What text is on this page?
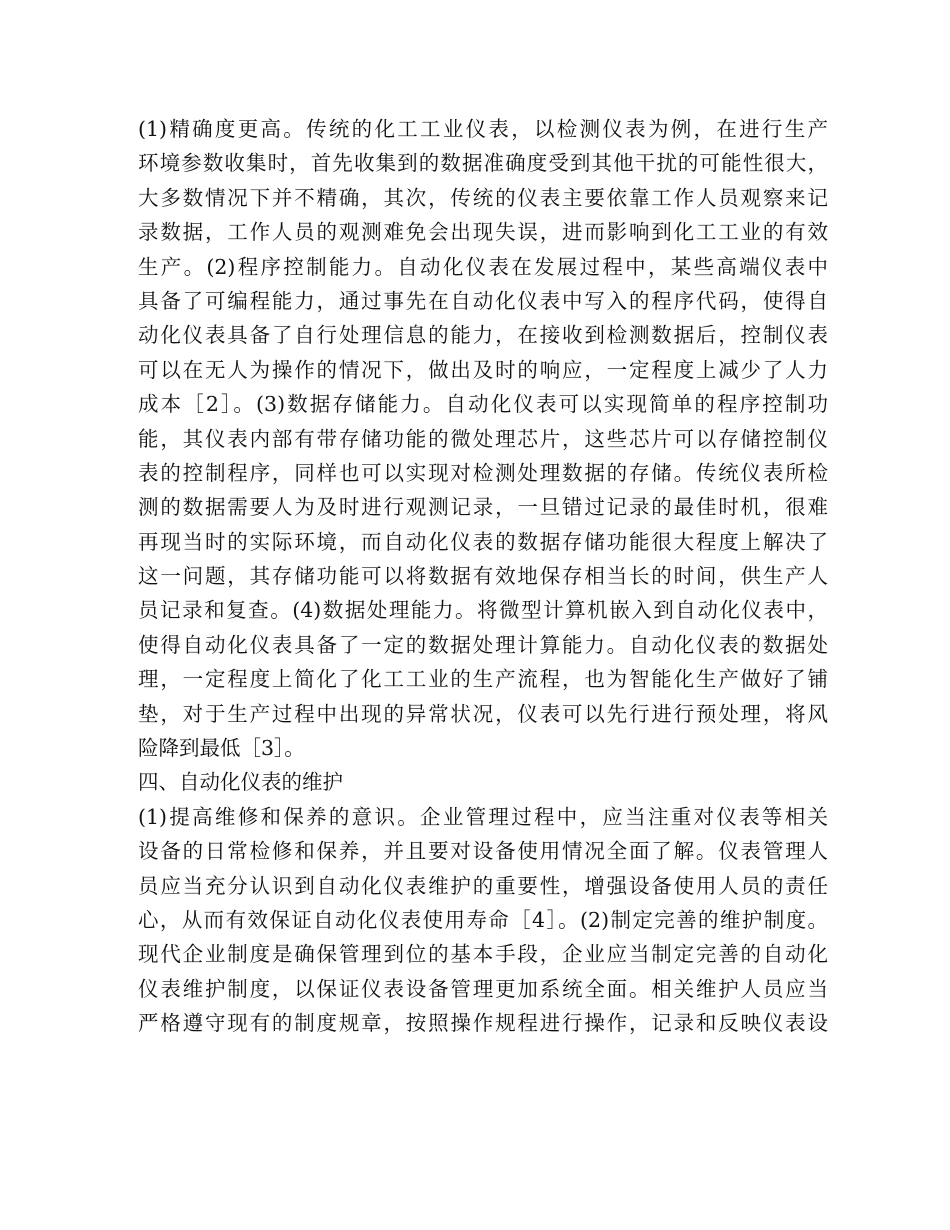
(1)精确度更高。传统的化工工业仪表，以检测仪表为例，在进行生产
环境参数收集时，首先收集到的数据准确度受到其他干扰的可能性很大，
大多数情况下并不精确，其次，传统的仪表主要依靠工作人员观察来记
录数据，工作人员的观测难免会出现失误，进而影响到化工工业的有效
生产。(2)程序控制能力。自动化仪表在发展过程中，某些高端仪表中
具备了可编程能力，通过事先在自动化仪表中写入的程序代码，使得自
动化仪表具备了自行处理信息的能力，在接收到检测数据后，控制仪表
可以在无人为操作的情况下，做出及时的响应，一定程度上减少了人力
成本［2］。(3)数据存储能力。自动化仪表可以实现简单的程序控制功
能，其仪表内部有带存储功能的微处理芯片，这些芯片可以存储控制仪
表的控制程序，同样也可以实现对检测处理数据的存储。传统仪表所检
测的数据需要人为及时进行观测记录，一旦错过记录的最佳时机，很难
再现当时的实际环境，而自动化仪表的数据存储功能很大程度上解决了
这一问题，其存储功能可以将数据有效地保存相当长的时间，供生产人
员记录和复查。(4)数据处理能力。将微型计算机嵌入到自动化仪表中，
使得自动化仪表具备了一定的数据处理计算能力。自动化仪表的数据处
理，一定程度上简化了化工工业的生产流程，也为智能化生产做好了铺
垫，对于生产过程中出现的异常状况，仪表可以先行进行预处理，将风
险降到最低［3］。
四、自动化仪表的维护
(1)提高维修和保养的意识。企业管理过程中，应当注重对仪表等相关
设备的日常检修和保养，并且要对设备使用情况全面了解。仪表管理人
员应当充分认识到自动化仪表维护的重要性，增强设备使用人员的责任
心，从而有效保证自动化仪表使用寿命［4］。(2)制定完善的维护制度。
现代企业制度是确保管理到位的基本手段，企业应当制定完善的自动化
仪表维护制度，以保证仪表设备管理更加系统全面。相关维护人员应当
严格遵守现有的制度规章，按照操作规程进行操作，记录和反映仪表设
